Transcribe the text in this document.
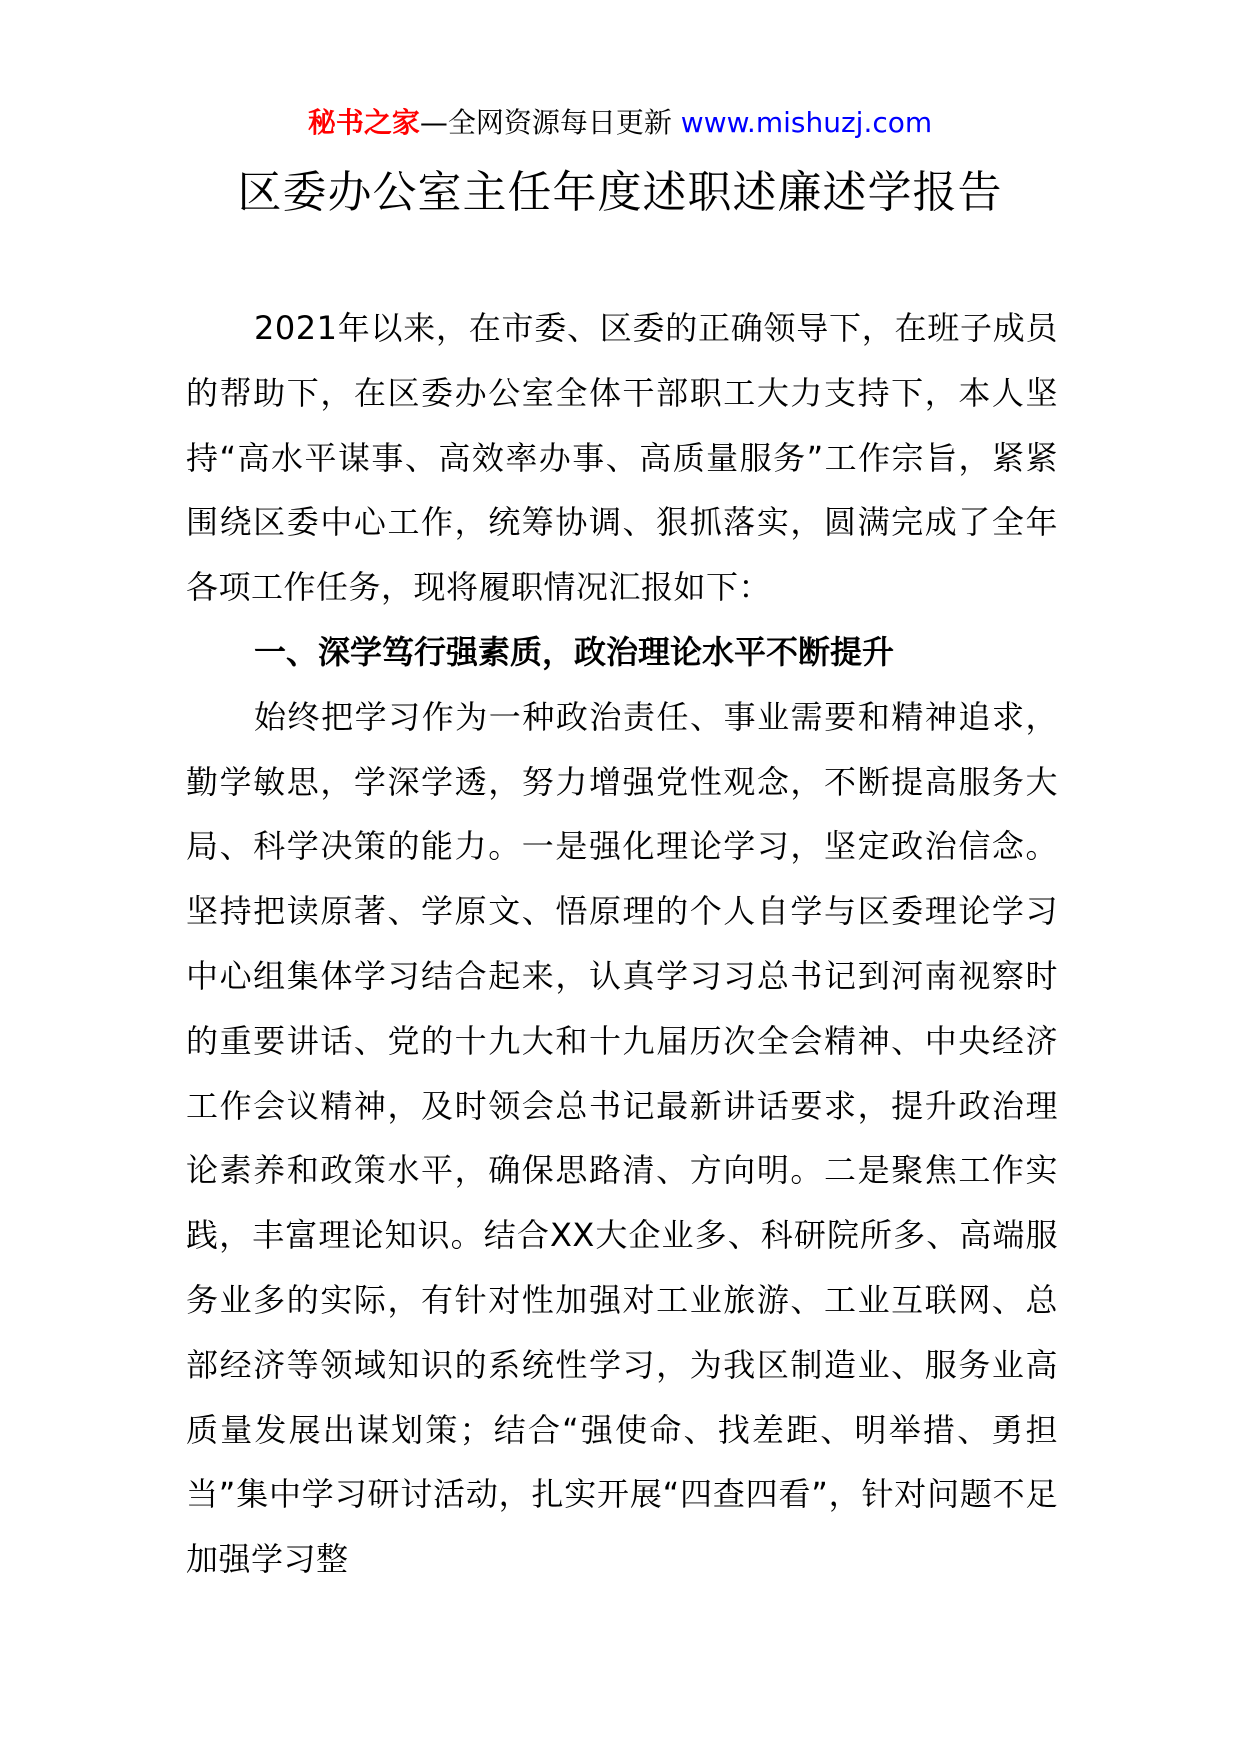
秘书之家—全网资源每日更新 www.mishuzj.com
区委办公室主任年度述职述廉述学报告

2021年以来，在市委、区委的正确领导下，在班子成员的帮助下，在区委办公室全体干部职工大力支持下，本人坚持“高水平谋事、高效率办事、高质量服务”工作宗旨，紧紧围绕区委中心工作，统筹协调、狠抓落实，圆满完成了全年各项工作任务，现将履职情况汇报如下：

一、深学笃行强素质，政治理论水平不断提升

始终把学习作为一种政治责任、事业需要和精神追求，勤学敏思，学深学透，努力增强党性观念，不断提高服务大局、科学决策的能力。一是强化理论学习，坚定政治信念。坚持把读原著、学原文、悟原理的个人自学与区委理论学习中心组集体学习结合起来，认真学习习总书记到河南视察时的重要讲话、党的十九大和十九届历次全会精神、中央经济工作会议精神，及时领会总书记最新讲话要求，提升政治理论素养和政策水平，确保思路清、方向明。二是聚焦工作实践，丰富理论知识。结合XX大企业多、科研院所多、高端服务业多的实际，有针对性加强对工业旅游、工业互联网、总部经济等领域知识的系统性学习，为我区制造业、服务业高质量发展出谋划策；结合“强使命、找差距、明举措、勇担当”集中学习研讨活动，扎实开展“四查四看”，针对问题不足加强学习整
